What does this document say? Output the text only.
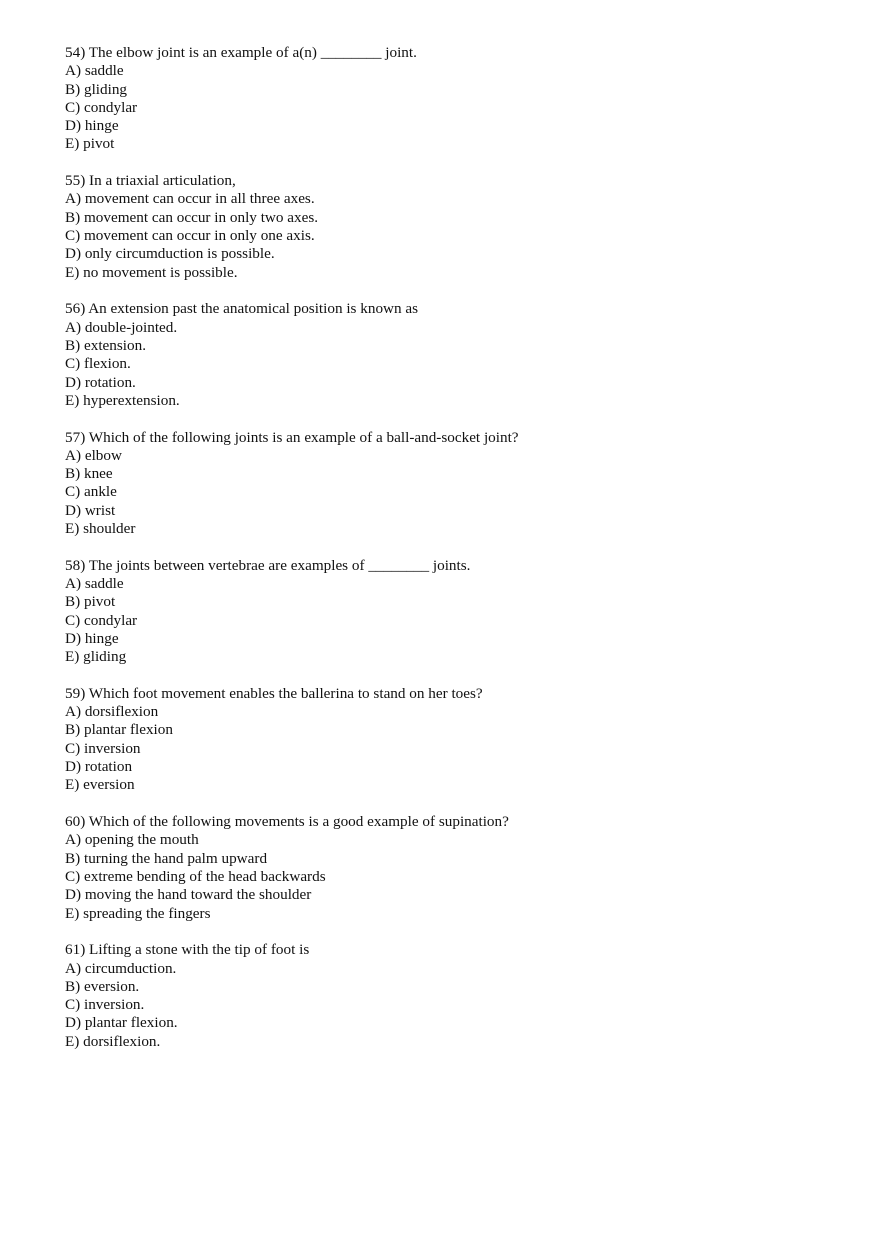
54) The elbow joint is an example of a(n) ________ joint.

A) saddle

B) gliding

C) condylar

D) hinge

E) pivot

55) In a triaxial articulation,

A) movement can occur in all three axes.

B) movement can occur in only two axes.

C) movement can occur in only one axis.

D) only circumduction is possible.

E) no movement is possible.

56) An extension past the anatomical position is known as

A) double-jointed.

B) extension.

C) flexion.

D) rotation.

E) hyperextension.

57) Which of the following joints is an example of a ball-and-socket joint?

A) elbow

B) knee

C) ankle

D) wrist

E) shoulder

58) The joints between vertebrae are examples of ________ joints.

A) saddle

B) pivot

C) condylar

D) hinge

E) gliding

59) Which foot movement enables the ballerina to stand on her toes?

A) dorsiflexion

B) plantar flexion

C) inversion

D) rotation

E) eversion

60) Which of the following movements is a good example of supination?

A) opening the mouth

B) turning the hand palm upward

C) extreme bending of the head backwards

D) moving the hand toward the shoulder

E) spreading the fingers

61) Lifting a stone with the tip of foot is

A) circumduction.

B) eversion.

C) inversion.

D) plantar flexion.

E) dorsiflexion.
